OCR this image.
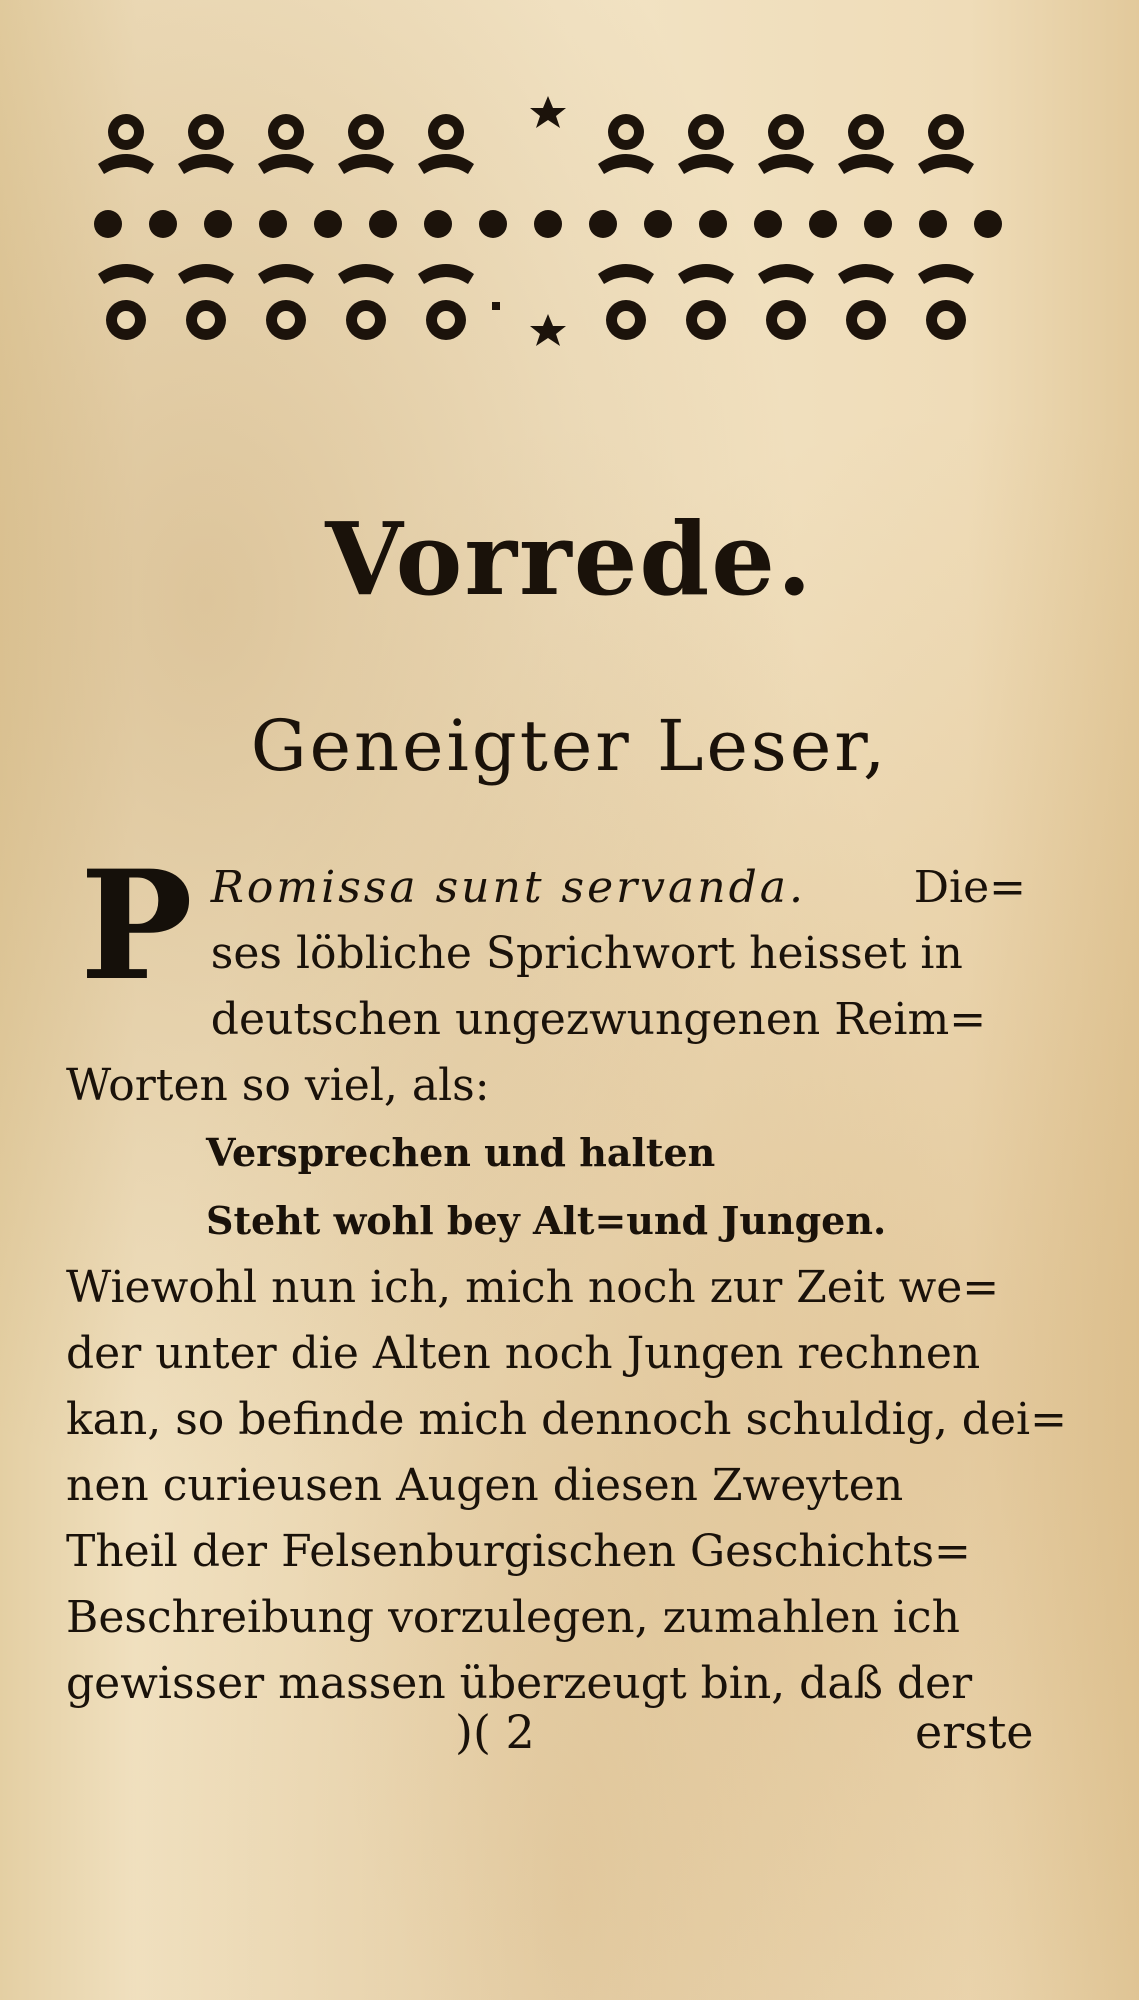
Vorrede.
Geneigter Leser,
P Romissa sunt servanda. Die=
ses löbliche Sprichwort heisset in
deutschen ungezwungenen Reim=
Worten so viel, als:
Versprechen und halten
Steht wohl bey Alt=und Jungen.
Wiewohl nun ich, mich noch zur Zeit we=
der unter die Alten noch Jungen rechnen
kan, so befinde mich dennoch schuldig, dei=
nen curieusen Augen diesen Zweyten
Theil der Felsenburgischen Geschichts=
Beschreibung vorzulegen, zumahlen ich
gewisser massen überzeugt bin, daß der
)( 2	erste
